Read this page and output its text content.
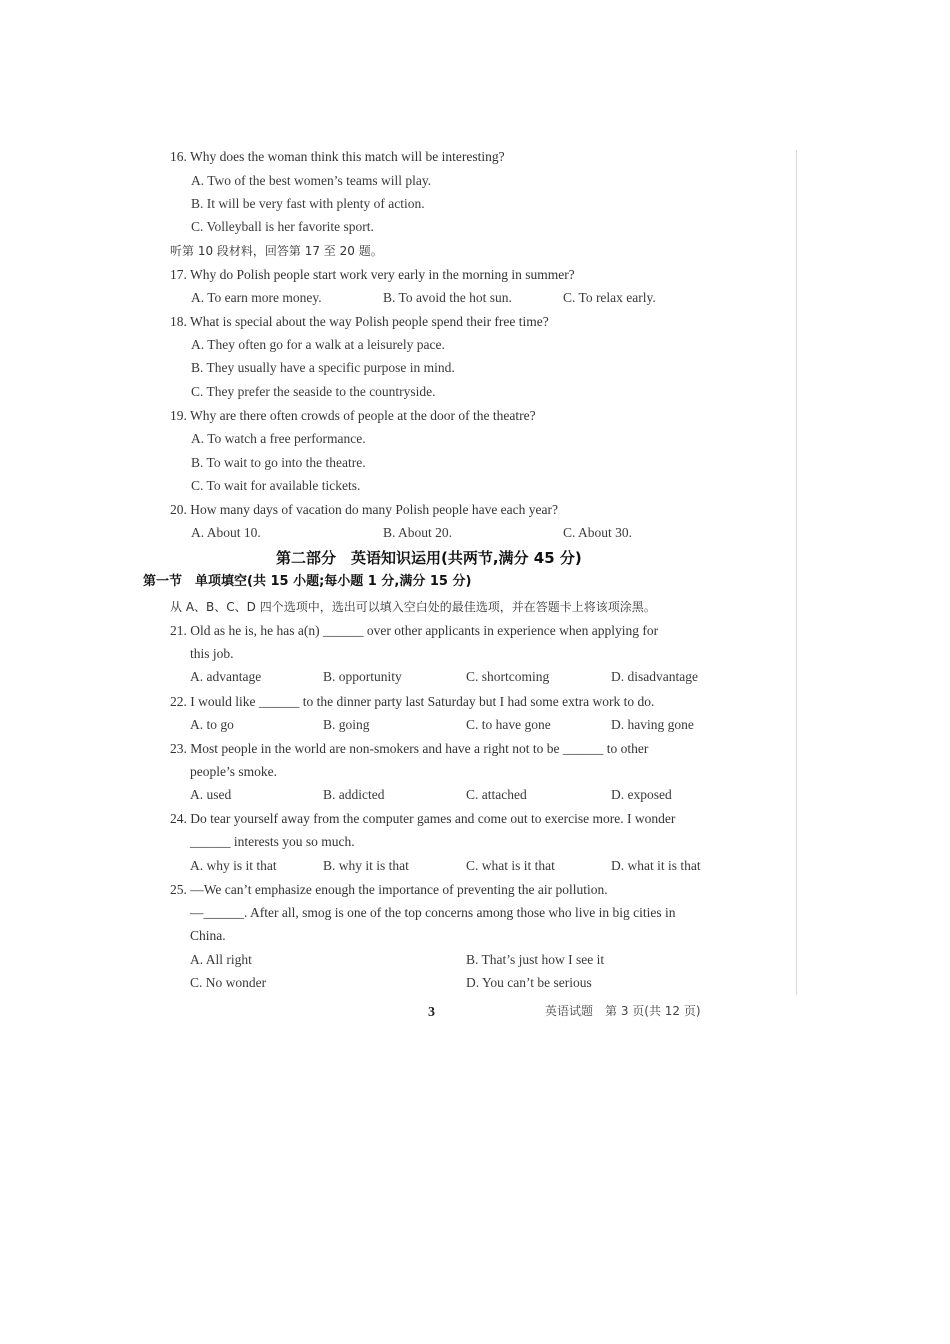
16. Why does the woman think this match will be interesting?
A. Two of the best women’s teams will play.
B. It will be very fast with plenty of action.
C. Volleyball is her favorite sport.
听第 10 段材料，回答第 17 至 20 题。
17. Why do Polish people start work very early in the morning in summer?
A. To earn more money.	B. To avoid the hot sun.	C. To relax early.
18. What is special about the way Polish people spend their free time?
A. They often go for a walk at a leisurely pace.
B. They usually have a specific purpose in mind.
C. They prefer the seaside to the countryside.
19. Why are there often crowds of people at the door of the theatre?
A. To watch a free performance.
B. To wait to go into the theatre.
C. To wait for available tickets.
20. How many days of vacation do many Polish people have each year?
A. About 10.	B. About 20.	C. About 30.
第二部分　英语知识运用(共两节,满分 45 分)
第一节　单项填空(共 15 小题;每小题 1 分,满分 15 分)
从 A、B、C、D 四个选项中，选出可以填入空白处的最佳选项，并在答题卡上将该项涂黑。
21. Old as he is, he has a(n) ______ over other applicants in experience when applying for
this job.
A. advantage	B. opportunity	C. shortcoming	D. disadvantage
22. I would like ______ to the dinner party last Saturday but I had some extra work to do.
A. to go	B. going	C. to have gone	D. having gone
23. Most people in the world are non-smokers and have a right not to be ______ to other
people’s smoke.
A. used	B. addicted	C. attached	D. exposed
24. Do tear yourself away from the computer games and come out to exercise more. I wonder
______ interests you so much.
A. why is it that	B. why it is that	C. what is it that	D. what it is that
25. —We can’t emphasize enough the importance of preventing the air pollution.
—______. After all, smog is one of the top concerns among those who live in big cities in
China.
A. All right	B. That’s just how I see it
C. No wonder	D. You can’t be serious
3	英语试题　第 3 页(共 12 页)
